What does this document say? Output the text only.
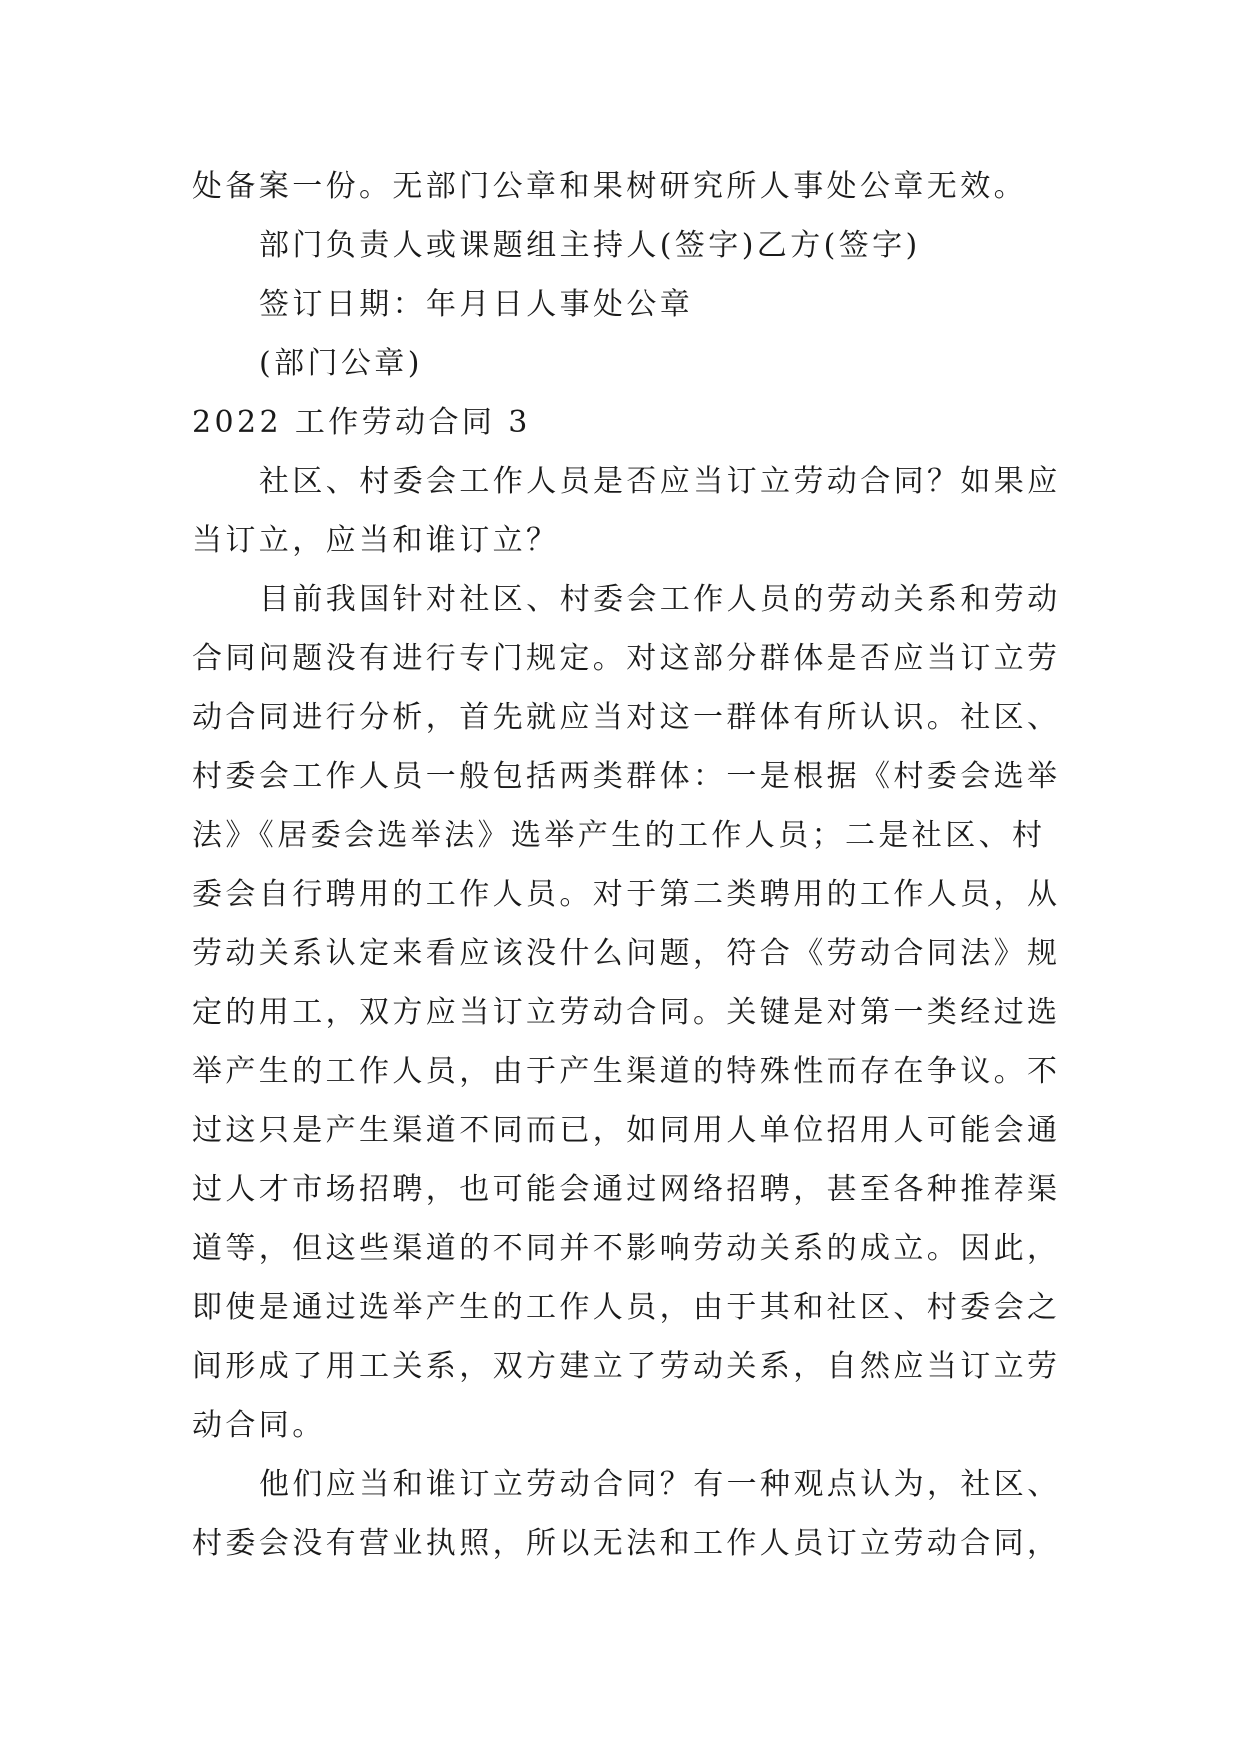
处备案一份。无部门公章和果树研究所人事处公章无效。
部门负责人或课题组主持人(签字)乙方(签字)
签订日期：年月日人事处公章
(部门公章)
2022 工作劳动合同 3
社区、村委会工作人员是否应当订立劳动合同？如果应
当订立，应当和谁订立？
目前我国针对社区、村委会工作人员的劳动关系和劳动
合同问题没有进行专门规定。对这部分群体是否应当订立劳
动合同进行分析，首先就应当对这一群体有所认识。社区、
村委会工作人员一般包括两类群体：一是根据《村委会选举
法》《居委会选举法》选举产生的工作人员；二是社区、村
委会自行聘用的工作人员。对于第二类聘用的工作人员，从
劳动关系认定来看应该没什么问题，符合《劳动合同法》规
定的用工，双方应当订立劳动合同。关键是对第一类经过选
举产生的工作人员，由于产生渠道的特殊性而存在争议。不
过这只是产生渠道不同而已，如同用人单位招用人可能会通
过人才市场招聘，也可能会通过网络招聘，甚至各种推荐渠
道等，但这些渠道的不同并不影响劳动关系的成立。因此，
即使是通过选举产生的工作人员，由于其和社区、村委会之
间形成了用工关系，双方建立了劳动关系，自然应当订立劳
动合同。
他们应当和谁订立劳动合同？有一种观点认为，社区、
村委会没有营业执照，所以无法和工作人员订立劳动合同，
